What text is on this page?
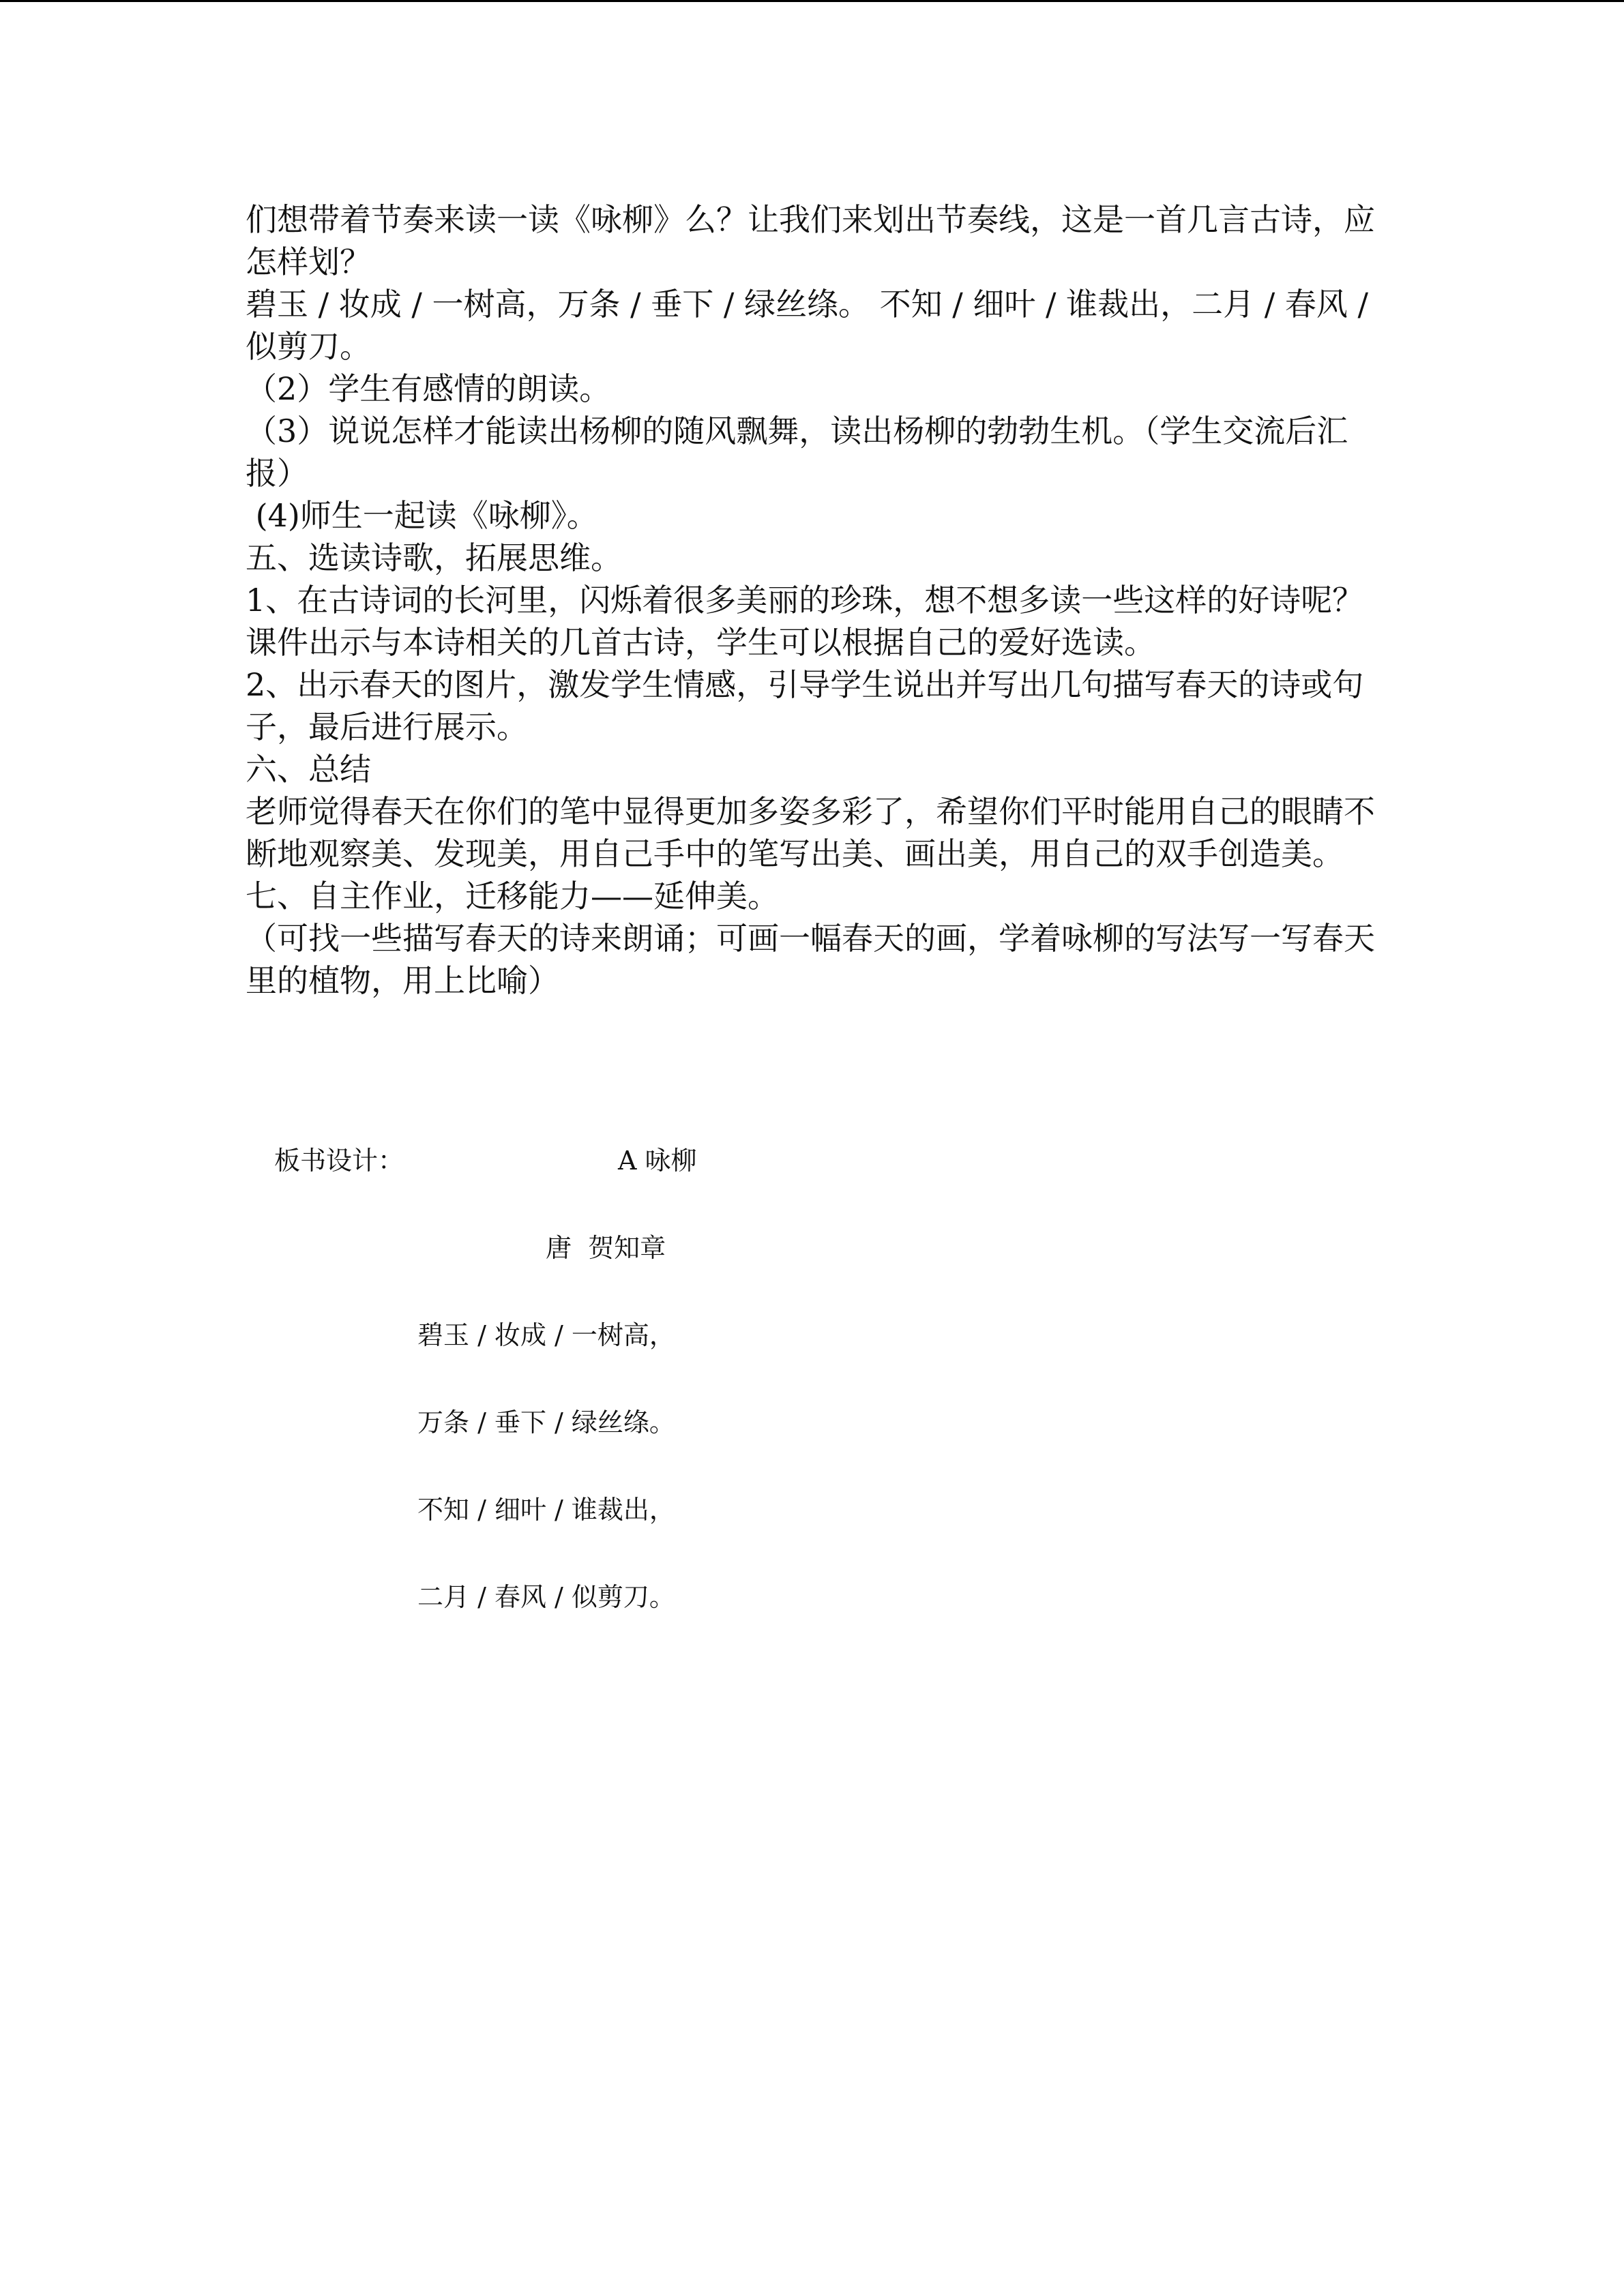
们想带着节奏来读一读《咏柳》么？让我们来划出节奏线，这是一首几言古诗，应怎样划？

碧玉 / 妆成 / 一树高，万条 / 垂下 / 绿丝绦。 不知 / 细叶 / 谁裁出，二月 / 春风 / 似剪刀。

（2）学生有感情的朗读。

（3）说说怎样才能读出杨柳的随风飘舞，读出杨柳的勃勃生机。（学生交流后汇报）

(4)师生一起读《咏柳》。

五、选读诗歌，拓展思维。

1、在古诗词的长河里，闪烁着很多美丽的珍珠，想不想多读一些这样的好诗呢？

课件出示与本诗相关的几首古诗，学生可以根据自己的爱好选读。

2、出示春天的图片，激发学生情感，引导学生说出并写出几句描写春天的诗或句子，最后进行展示。

六、总结

老师觉得春天在你们的笔中显得更加多姿多彩了，希望你们平时能用自己的眼睛不断地观察美、发现美，用自己手中的笔写出美、画出美，用自己的双手创造美。

七、自主作业，迁移能力——延伸美。

（可找一些描写春天的诗来朗诵；可画一幅春天的画，学着咏柳的写法写一写春天里的植物，用上比喻）

板书设计：	A 咏柳
唐  贺知章
碧玉 / 妆成 / 一树高，
万条 / 垂下 / 绿丝绦。
不知 / 细叶 / 谁裁出，
二月 / 春风 / 似剪刀。
